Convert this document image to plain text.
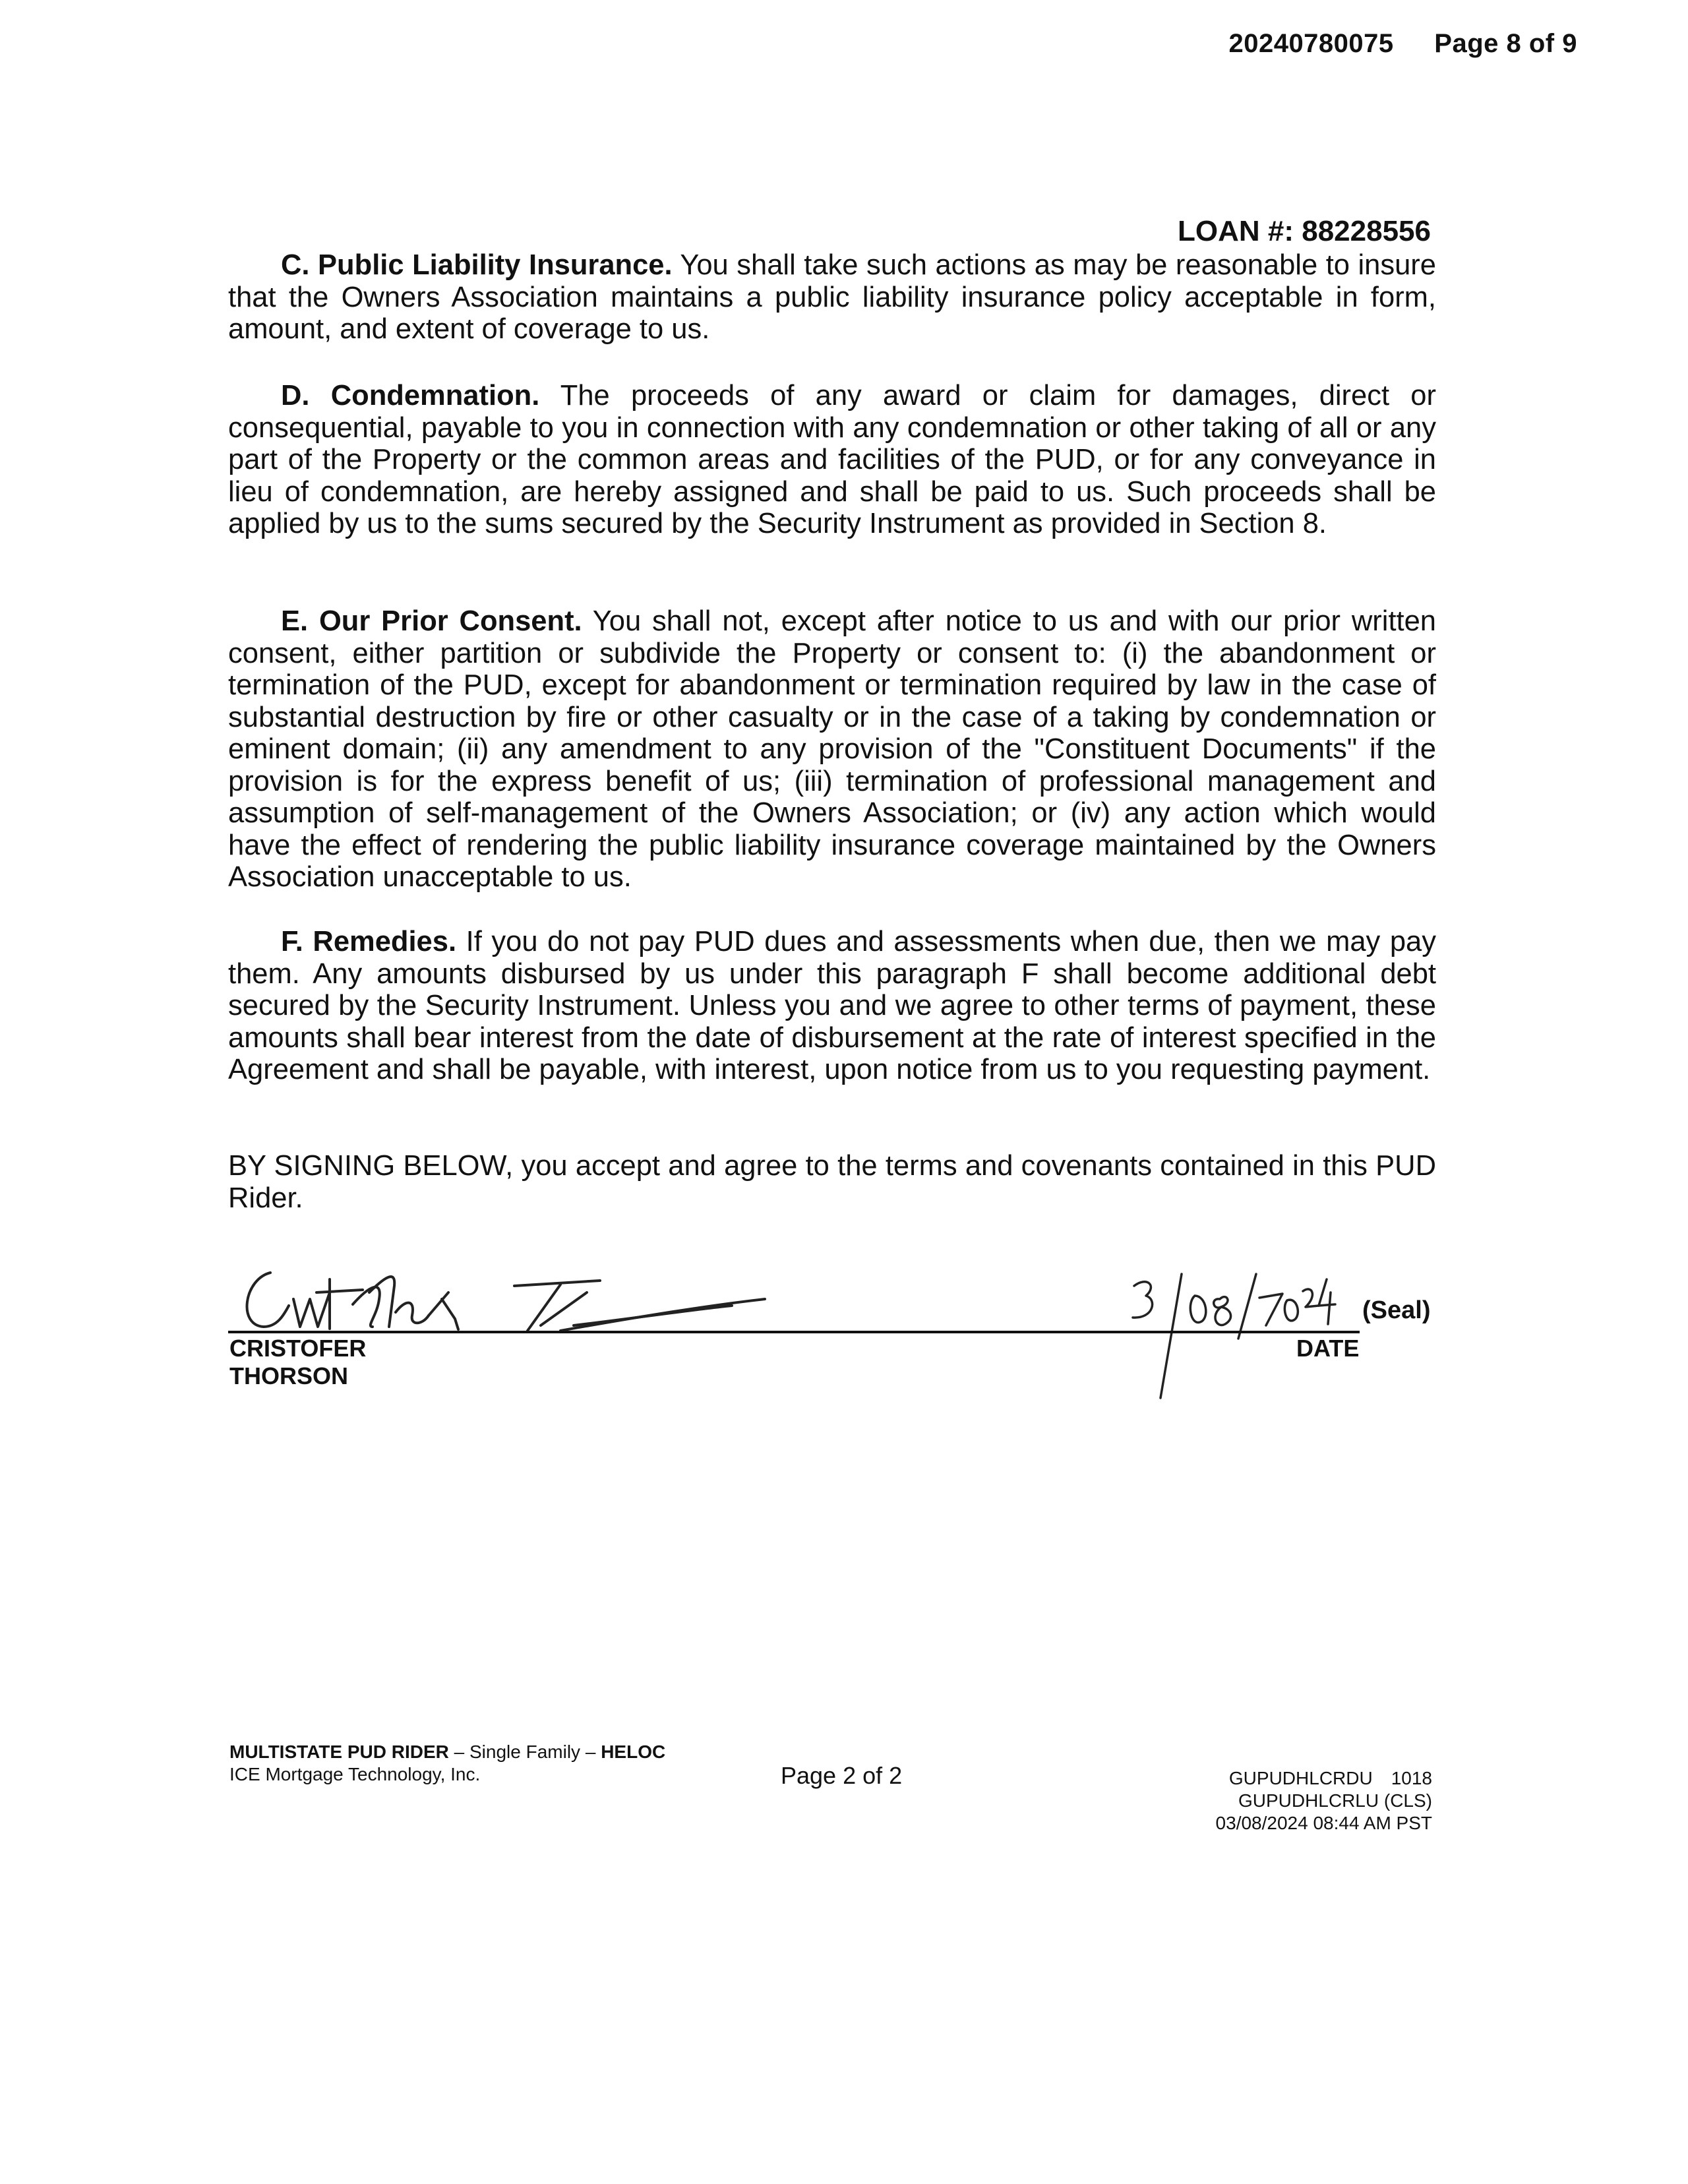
20240780075 Page 8 of 9
LOAN #: 88228556

C. Public Liability Insurance. You shall take such actions as may be reasonable to insure that the Owners Association maintains a public liability insurance policy acceptable in form, amount, and extent of coverage to us.

D. Condemnation. The proceeds of any award or claim for damages, direct or consequential, payable to you in connection with any condemnation or other taking of all or any part of the Property or the common areas and facilities of the PUD, or for any conveyance in lieu of condemnation, are hereby assigned and shall be paid to us. Such proceeds shall be applied by us to the sums secured by the Security Instrument as provided in Section 8.

E. Our Prior Consent. You shall not, except after notice to us and with our prior written consent, either partition or subdivide the Property or consent to: (i) the abandonment or termination of the PUD, except for abandonment or termination required by law in the case of substantial destruction by fire or other casualty or in the case of a taking by condemnation or eminent domain; (ii) any amendment to any provision of the "Constituent Documents" if the provision is for the express benefit of us; (iii) termination of professional management and assumption of self-management of the Owners Association; or (iv) any action which would have the effect of rendering the public liability insurance coverage maintained by the Owners Association unacceptable to us.

F. Remedies. If you do not pay PUD dues and assessments when due, then we may pay them. Any amounts disbursed by us under this paragraph F shall become additional debt secured by the Security Instrument. Unless you and we agree to other terms of payment, these amounts shall bear interest from the date of disbursement at the rate of interest specified in the Agreement and shall be payable, with interest, upon notice from us to you requesting payment.

BY SIGNING BELOW, you accept and agree to the terms and covenants contained in this PUD Rider.

CRISTOFER THORSON
DATE
(Seal)
MULTISTATE PUD RIDER – Single Family – HELOC
ICE Mortgage Technology, Inc.	Page 2 of 2	GUPUDHLCRDU 1018
GUPUDHLCRLU (CLS)
03/08/2024 08:44 AM PST
